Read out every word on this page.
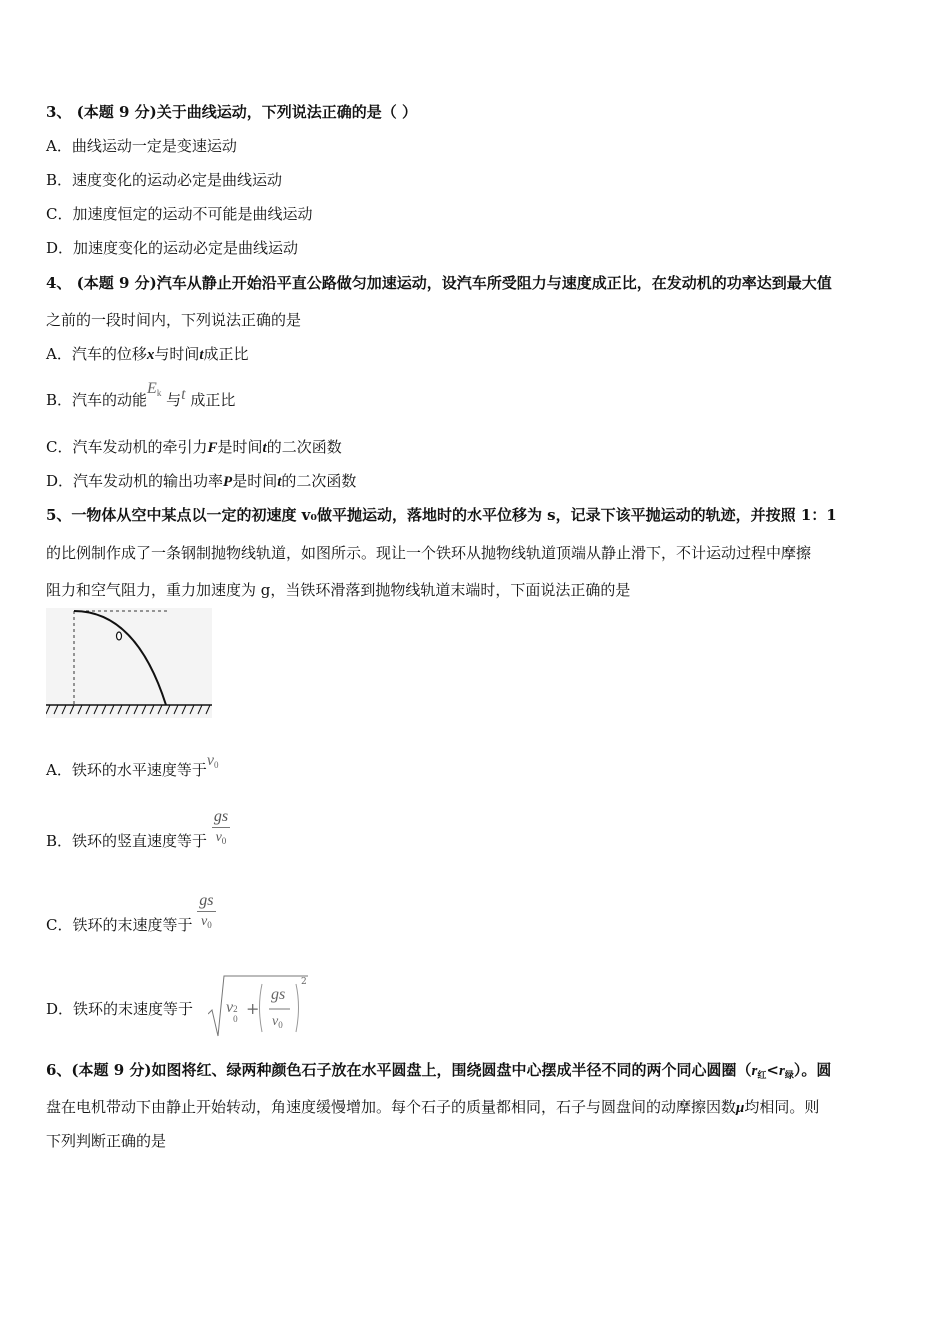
3、 (本题 9 分)关于曲线运动，下列说法正确的是（ ）
A．曲线运动一定是变速运动
B．速度变化的运动必定是曲线运动
C．加速度恒定的运动不可能是曲线运动
D．加速度变化的运动必定是曲线运动
4、 (本题 9 分)汽车从静止开始沿平直公路做匀加速运动，设汽车所受阻力与速度成正比，在发动机的功率达到最大值
之前的一段时间内，下列说法正确的是
A．汽车的位移x与时间t成正比
B．汽车的动能$E_k$ 与t 成正比
C．汽车发动机的牵引力F是时间t的二次函数
D．汽车发动机的输出功率P是时间t的二次函数
5、一物体从空中某点以一定的初速度 v₀做平抛运动，落地时的水平位移为 s，记录下该平抛运动的轨迹，并按照 1：1
的比例制作成了一条钢制抛物线轨道，如图所示。现让一个铁环从抛物线轨道顶端从静止滑下，不计运动过程中摩擦
阻力和空气阻力，重力加速度为 g，当铁环滑落到抛物线轨道末端时，下面说法正确的是
A．铁环的水平速度等于$v_0$
B．铁环的竖直速度等于 $\frac{gs}{v_0}$
C．铁环的末速度等于 $\frac{gs}{v_0}$
D．铁环的末速度等于 v 2
0
+
gs
$v_0$
2
6、(本题 9 分)如图将红、绿两种颜色石子放在水平圆盘上，围绕圆盘中心摆成半径不同的两个同心圆圈$(r_红<r_绿)$。圆
盘在电机带动下由静止开始转动，角速度缓慢增加。每个石子的质量都相同，石子与圆盘间的动摩擦因数μ均相同。则
下列判断正确的是
